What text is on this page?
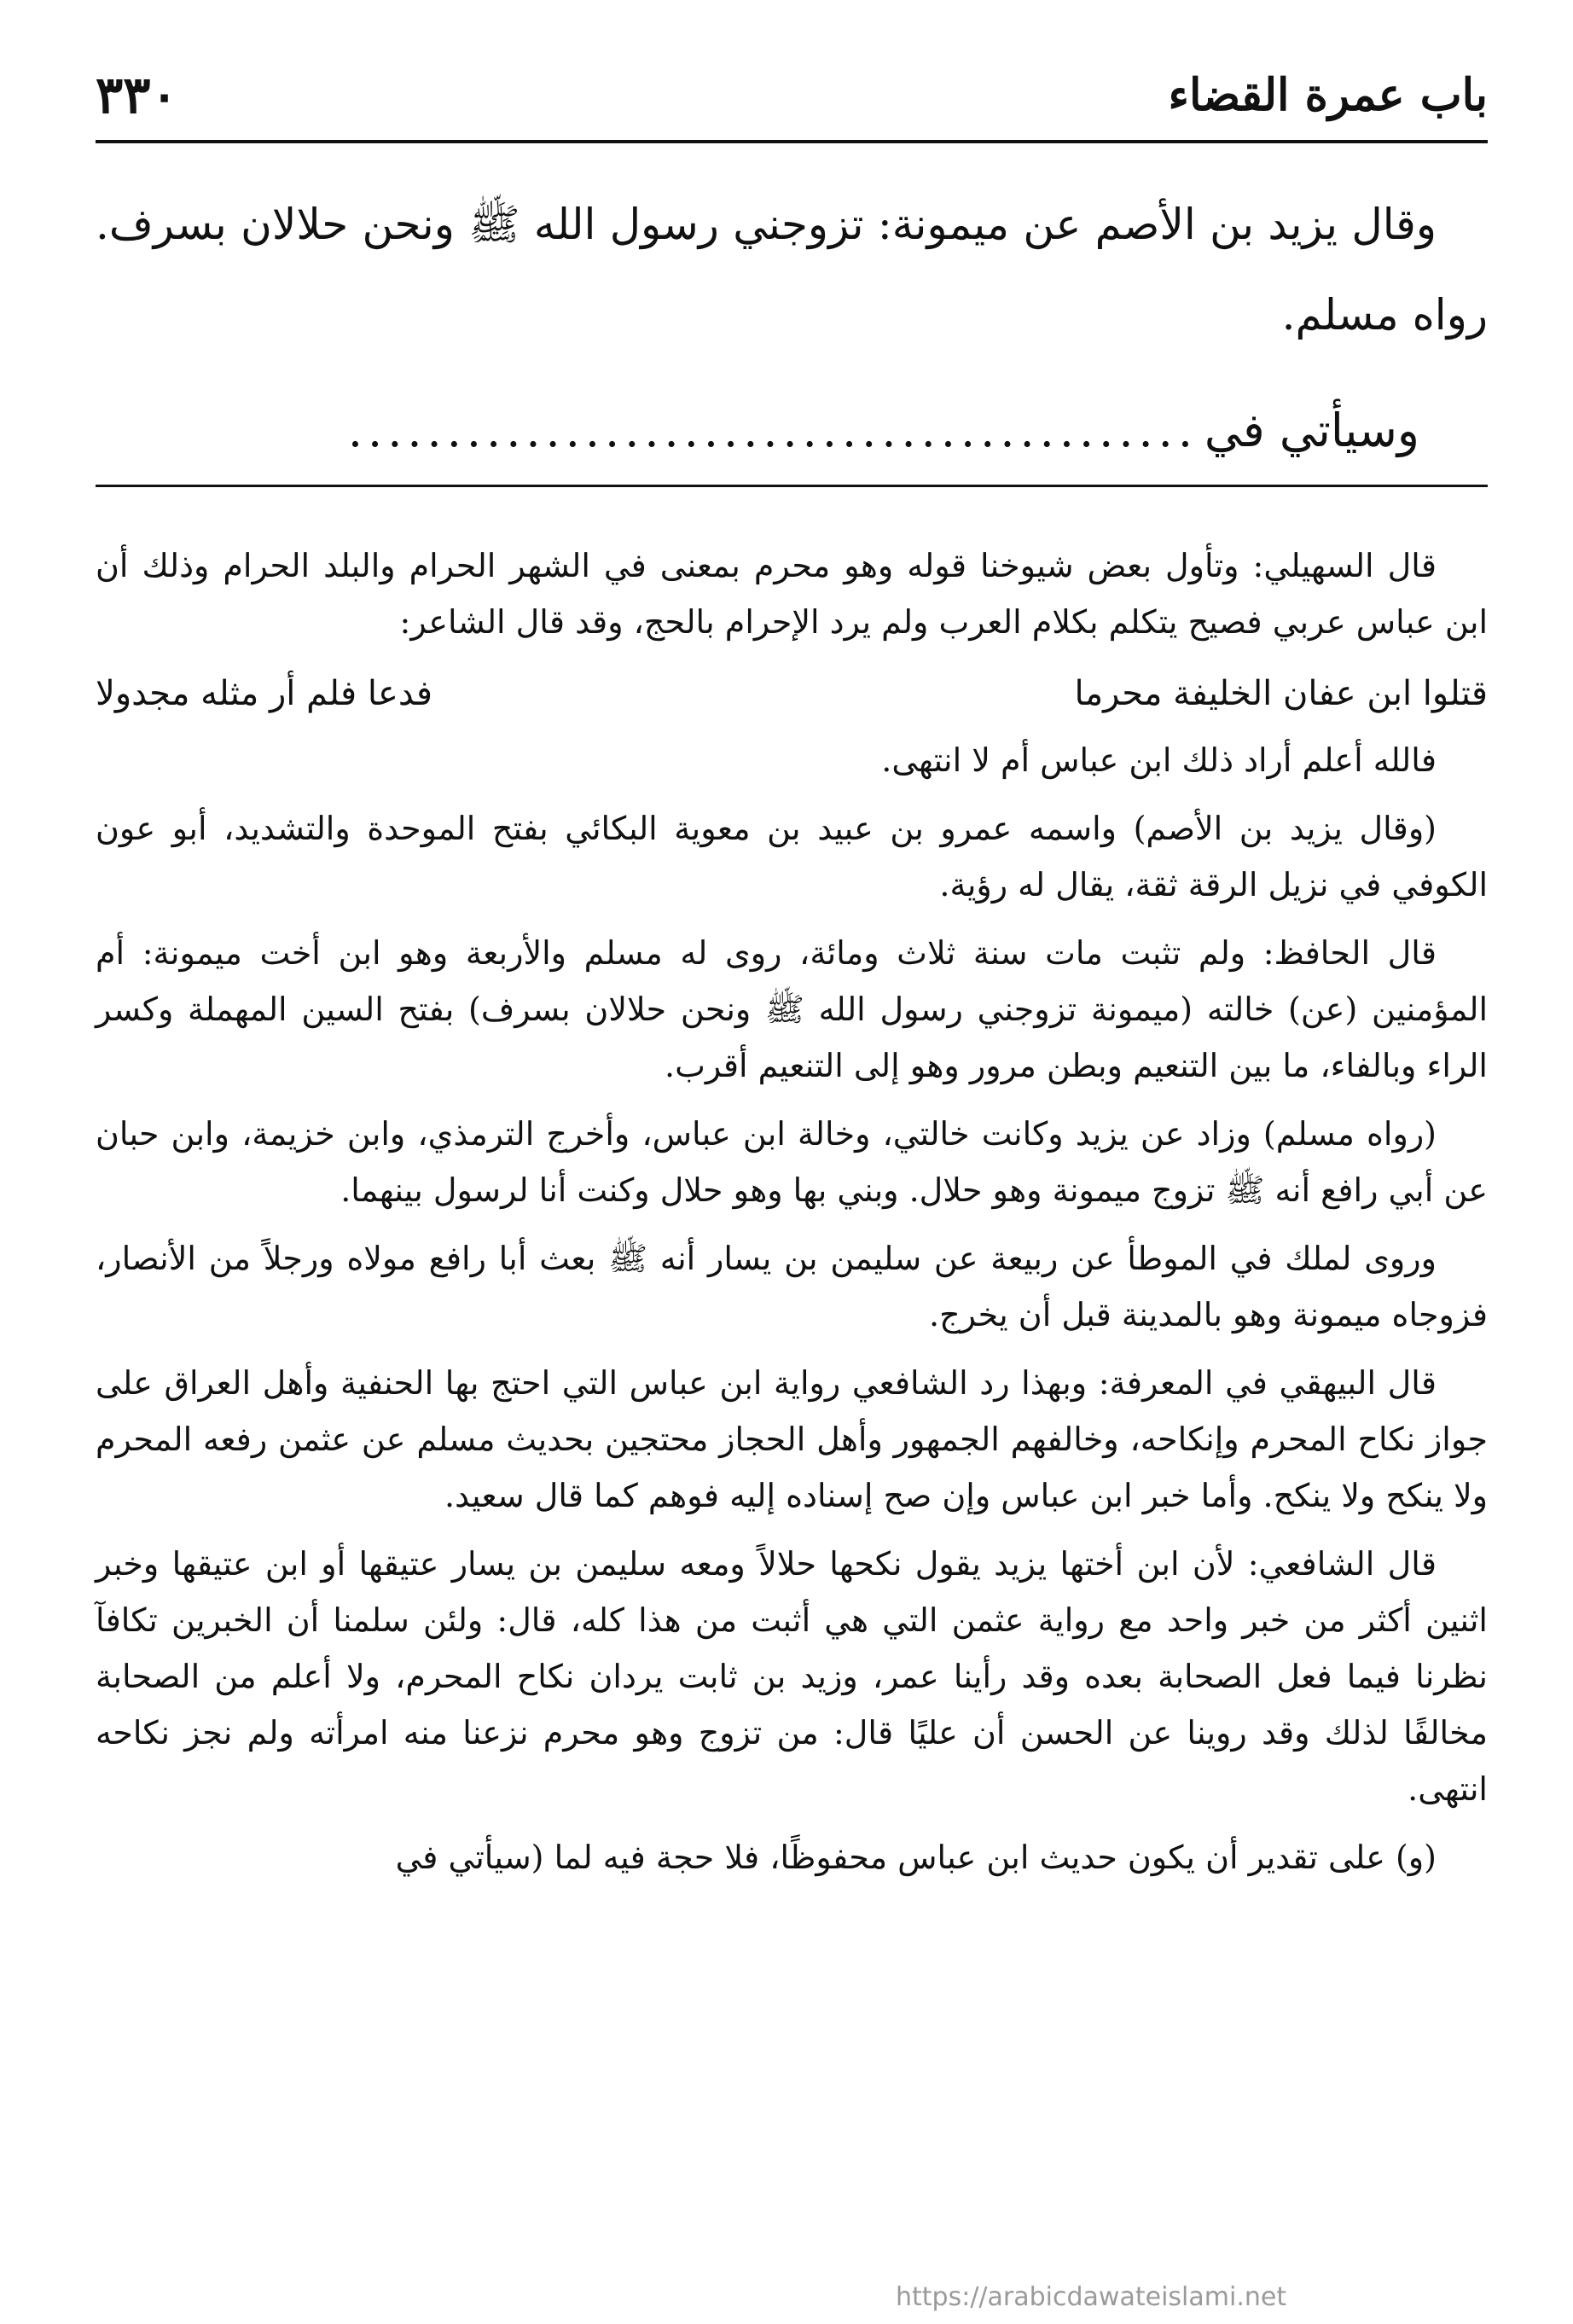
٣٣٠	باب عمرة القضاء

وقال يزيد بن الأصم عن ميمونة: تزوجني رسول الله ﷺ ونحن حلالان بسرف. رواه مسلم.

وسيأتي في
...........................................

قال السهيلي: وتأول بعض شيوخنا قوله وهو محرم بمعنى في الشهر الحرام والبلد الحرام وذلك أن ابن عباس عربي فصيح يتكلم بكلام العرب ولم يرد الإحرام بالحج، وقد قال الشاعر:

قتلوا ابن عفان الخليفة محرما
فدعا فلم أر مثله مجدولا

فالله أعلم أراد ذلك ابن عباس أم لا انتهى.

(وقال يزيد بن الأصم) واسمه عمرو بن عبيد بن معوية البكائي بفتح الموحدة والتشديد، أبو عون الكوفي في نزيل الرقة ثقة، يقال له رؤية.

قال الحافظ: ولم تثبت مات سنة ثلاث ومائة، روى له مسلم والأربعة وهو ابن أخت ميمونة: أم المؤمنين (عن) خالته (ميمونة تزوجني رسول الله ﷺ ونحن حلالان بسرف) بفتح السين المهملة وكسر الراء وبالفاء، ما بين التنعيم وبطن مرور وهو إلى التنعيم أقرب.

(رواه مسلم) وزاد عن يزيد وكانت خالتي، وخالة ابن عباس، وأخرج الترمذي، وابن خزيمة، وابن حبان عن أبي رافع أنه ﷺ تزوج ميمونة وهو حلال. وبني بها وهو حلال وكنت أنا لرسول بينهما.

وروى لملك في الموطأ عن ربيعة عن سليمن بن يسار أنه ﷺ بعث أبا رافع مولاه ورجلاً من الأنصار، فزوجاه ميمونة وهو بالمدينة قبل أن يخرج.

قال البيهقي في المعرفة: وبهذا رد الشافعي رواية ابن عباس التي احتج بها الحنفية وأهل العراق على جواز نكاح المحرم وإنكاحه، وخالفهم الجمهور وأهل الحجاز محتجين بحديث مسلم عن عثمن رفعه المحرم ولا ينكح ولا ينكح. وأما خبر ابن عباس وإن صح إسناده إليه فوهم كما قال سعيد.

قال الشافعي: لأن ابن أختها يزيد يقول نكحها حلالاً ومعه سليمن بن يسار عتيقها أو ابن عتيقها وخبر اثنين أكثر من خبر واحد مع رواية عثمن التي هي أثبت من هذا كله، قال: ولئن سلمنا أن الخبرين تكافآ نظرنا فيما فعل الصحابة بعده وقد رأينا عمر، وزيد بن ثابت يردان نكاح المحرم، ولا أعلم من الصحابة مخالفًا لذلك وقد روينا عن الحسن أن عليًا قال: من تزوج وهو محرم نزعنا منه امرأته ولم نجز نكاحه انتهى.

(و) على تقدير أن يكون حديث ابن عباس محفوظًا، فلا حجة فيه لما (سيأتي في

https://arabicdawateislami.net
